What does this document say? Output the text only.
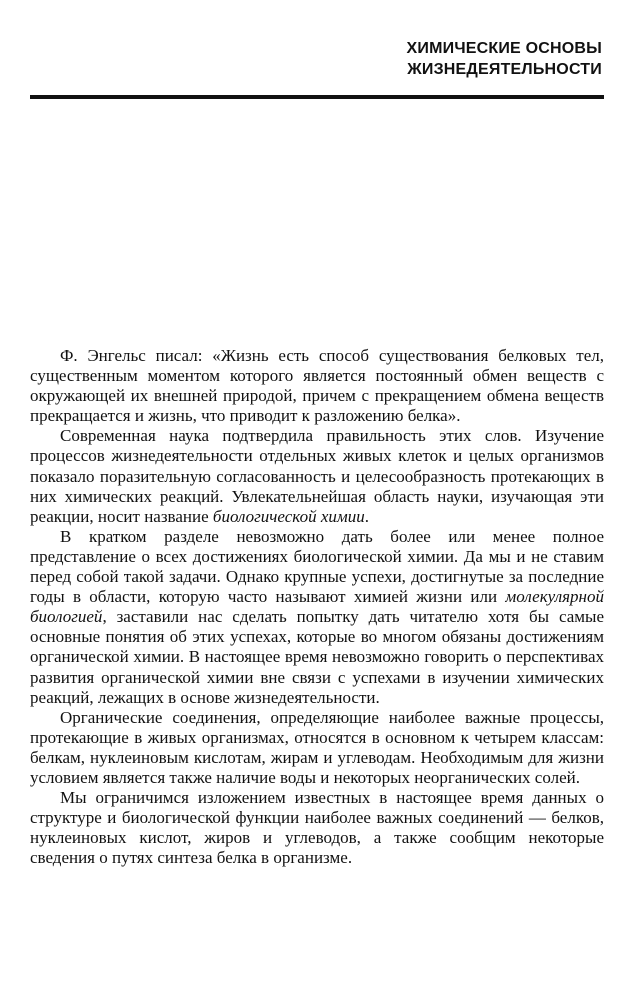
ХИМИЧЕСКИЕ ОСНОВЫ
ЖИЗНЕДЕЯТЕЛЬНОСТИ

Ф. Энгельс писал: «Жизнь есть способ существования белковых тел, существенным моментом которого является постоянный обмен веществ с окружающей их внешней природой, причем с прекращением обмена веществ прекращается и жизнь, что приводит к разложению белка».

Современная наука подтвердила правильность этих слов. Изучение процессов жизнедеятельности отдельных живых клеток и целых организмов показало поразительную согласованность и целесообразность протекающих в них химических реакций. Увлекательнейшая область науки, изучающая эти реакции, носит название биологической химии.

В кратком разделе невозможно дать более или менее полное представление о всех достижениях биологической химии. Да мы и не ставим перед собой такой задачи. Однако крупные успехи, достигнутые за последние годы в области, которую часто называют химией жизни или молекулярной биологией, заставили нас сделать попытку дать читателю хотя бы самые основные понятия об этих успехах, которые во многом обязаны достижениям органической химии. В настоящее время невозможно говорить о перспективах развития органической химии вне связи с успехами в изучении химических реакций, лежащих в основе жизнедеятельности.

Органические соединения, определяющие наиболее важные процессы, протекающие в живых организмах, относятся в основном к четырем классам: белкам, нуклеиновым кислотам, жирам и углеводам. Необходимым для жизни условием является также наличие воды и некоторых неорганических солей.

Мы ограничимся изложением известных в настоящее время данных о структуре и биологической функции наиболее важных соединений — белков, нуклеиновых кислот, жиров и углеводов, а также сообщим некоторые сведения о путях синтеза белка в организме.
